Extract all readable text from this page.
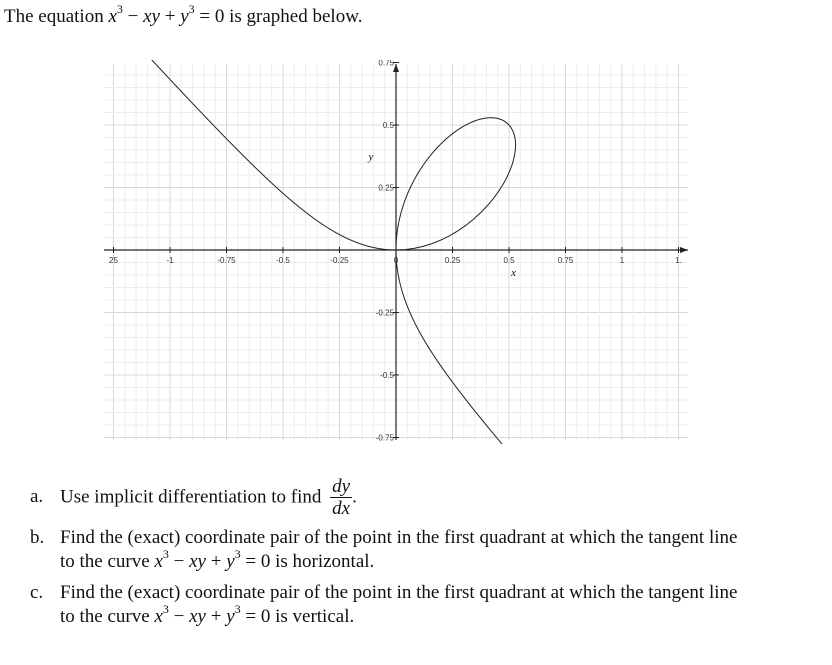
The equation $x^3$ − xy + $y^3 = 0$ is graphed below.
25	-1	-0.75	-0.5	-0.25	0	0.25	0.5	0.75	1	1.
-0.75
-0.5
-0.25
0.25
0.5
0.75
x
y
a. Use implicit differentiation to find $\frac{dy}{dx}$ .
b. Find the (exact) coordinate pair of the point in the first quadrant at which the tangent line
to the curve $x^3$ − xy + $y^3 = 0$ is horizontal.
c. Find the (exact) coordinate pair of the point in the first quadrant at which the tangent line
to the curve $x^3$ − xy + $y^3 = 0$ is vertical.
